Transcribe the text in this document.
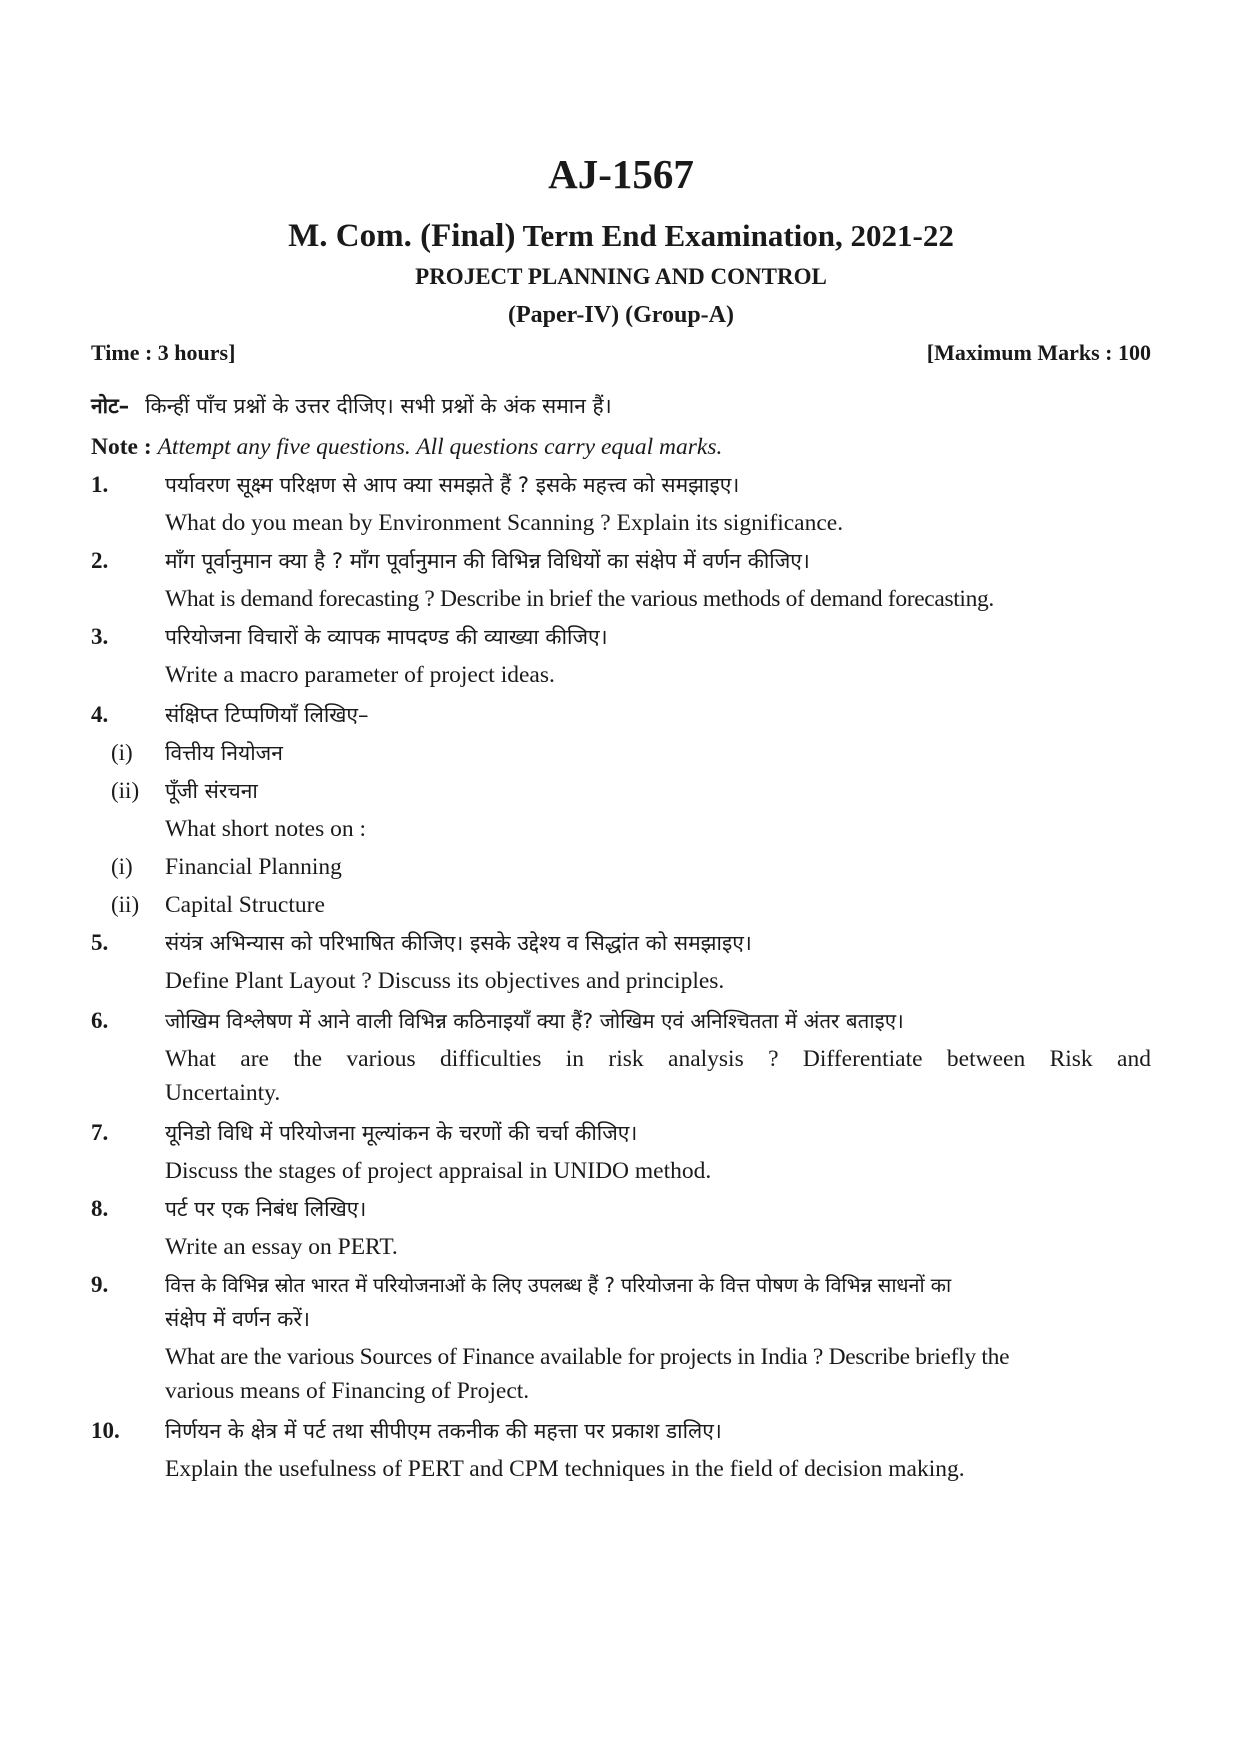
AJ-1567
M. Com. (Final) Term End Examination, 2021-22
PROJECT PLANNING AND CONTROL
(Paper-IV) (Group-A)
Time : 3 hours]	[Maximum Marks : 100
नोट– किन्हीं पाँच प्रश्नों के उत्तर दीजिए। सभी प्रश्नों के अंक समान हैं।
Note : Attempt any five questions. All questions carry equal marks.
1.	पर्यावरण सूक्ष्म परिक्षण से आप क्या समझते हैं ? इसके महत्त्व को समझाइए।
What do you mean by Environment Scanning ? Explain its significance.
2.	माँग पूर्वानुमान क्या है ? माँग पूर्वानुमान की विभिन्न विधियों का संक्षेप में वर्णन कीजिए।
What is demand forecasting ? Describe in brief the various methods of demand forecasting.
3.	परियोजना विचारों के व्यापक मापदण्ड की व्याख्या कीजिए।
Write a macro parameter of project ideas.
4.	संक्षिप्त टिप्पणियाँ लिखिए–
(i) वित्तीय नियोजन
(ii) पूँजी संरचना
What short notes on :
(i) Financial Planning
(ii) Capital Structure
5.	संयंत्र अभिन्यास को परिभाषित कीजिए। इसके उद्देश्य व सिद्धांत को समझाइए।
Define Plant Layout ? Discuss its objectives and principles.
6.	जोखिम विश्लेषण में आने वाली विभिन्न कठिनाइयाँ क्या हैं? जोखिम एवं अनिश्चितता में अंतर बताइए।
What are the various difficulties in risk analysis ? Differentiate between Risk and
Uncertainty.
7.	यूनिडो विधि में परियोजना मूल्यांकन के चरणों की चर्चा कीजिए।
Discuss the stages of project appraisal in UNIDO method.
8.	पर्ट पर एक निबंध लिखिए।
Write an essay on PERT.
9.	वित्त के विभिन्न स्रोत भारत में परियोजनाओं के लिए उपलब्ध हैं ? परियोजना के वित्त पोषण के विभिन्न साधनों का
संक्षेप में वर्णन करें।
What are the various Sources of Finance available for projects in India ? Describe briefly the
various means of Financing of Project.
10. निर्णयन के क्षेत्र में पर्ट तथा सीपीएम तकनीक की महत्ता पर प्रकाश डालिए।
Explain the usefulness of PERT and CPM techniques in the field of decision making.
